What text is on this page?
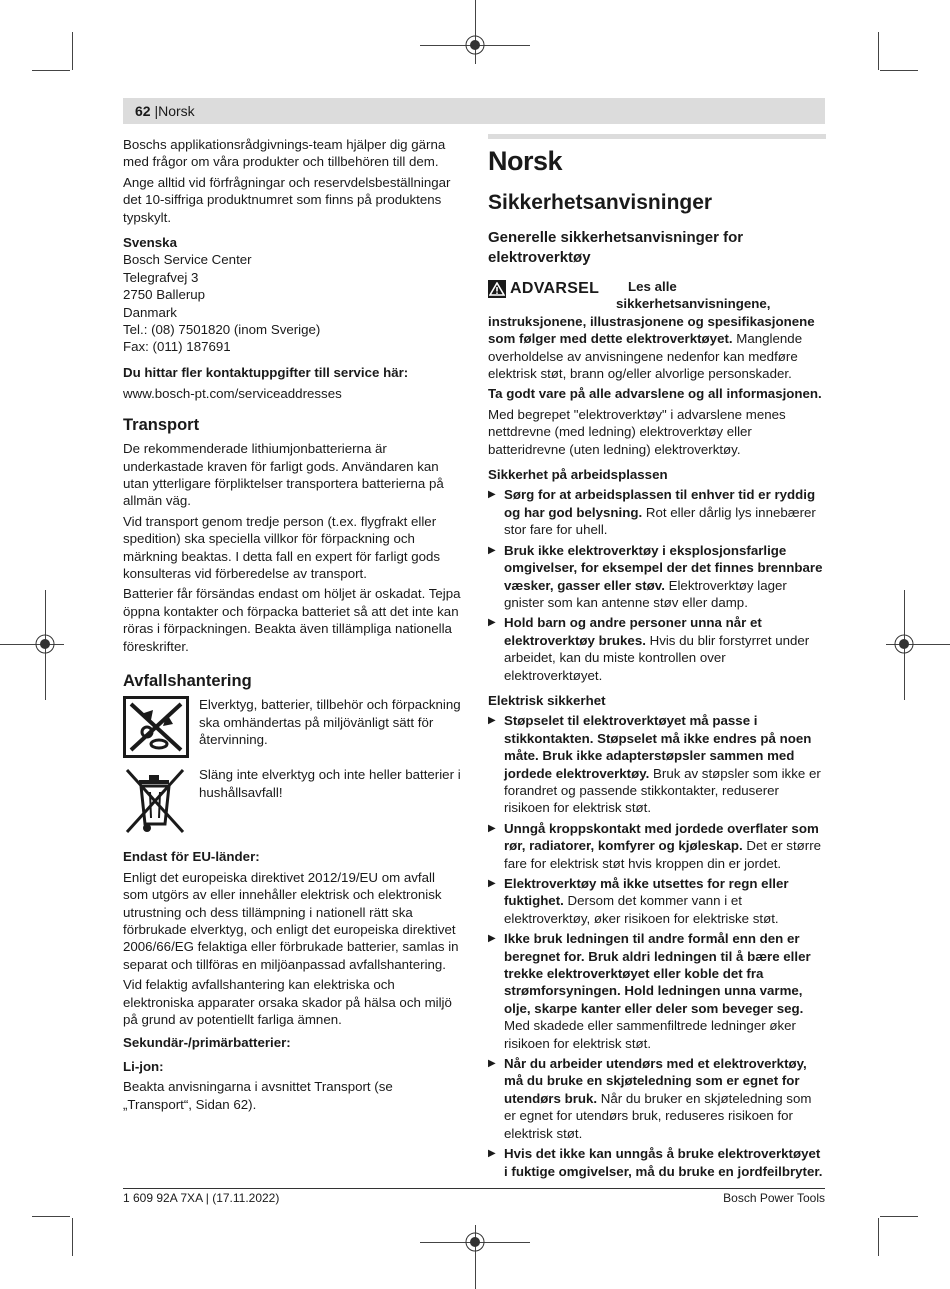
62 |Norsk

Boschs applikationsrådgivnings-team hjälper dig gärna med frågor om våra produkter och tillbehören till dem.

Ange alltid vid förfrågningar och reservdelsbeställningar det 10-siffriga produktnumret som finns på produktens typskylt.

Svenska

Bosch Service Center
Telegrafvej 3
2750 Ballerup
Danmark
Tel.: (08) 7501820 (inom Sverige)
Fax: (011) 187691

Du hittar fler kontaktuppgifter till service här:

www.bosch-pt.com/serviceaddresses

Transport

De rekommenderade lithiumjonbatterierna är underkastade kraven för farligt gods. Användaren kan utan ytterligare förpliktelser transportera batterierna på allmän väg.

Vid transport genom tredje person (t.ex. flygfrakt eller spedition) ska speciella villkor för förpackning och märkning beaktas. I detta fall en expert för farligt gods konsulteras vid förberedelse av transport.

Batterier får försändas endast om höljet är oskadat. Tejpa öppna kontakter och förpacka batteriet så att det inte kan röras i förpackningen. Beakta även tillämpliga nationella föreskrifter.

Avfallshantering
Elverktyg, batterier, tillbehör och förpackning ska omhändertas på miljövänligt sätt för återvinning.
Släng inte elverktyg och inte heller batterier i hushållsavfall!
Endast för EU-länder:

Enligt det europeiska direktivet 2012/19/EU om avfall som utgörs av eller innehåller elektrisk och elektronisk utrustning och dess tillämpning i nationell rätt ska förbrukade elverktyg, och enligt det europeiska direktivet 2006/66/EG felaktiga eller förbrukade batterier, samlas in separat och tillföras en miljöanpassad avfallshantering.

Vid felaktig avfallshantering kan elektriska och elektroniska apparater orsaka skador på hälsa och miljö på grund av potentiellt farliga ämnen.

Sekundär-/primärbatterier:
Li-jon:

Beakta anvisningarna i avsnittet Transport (se „Transport“, Sidan 62).

Norsk
Sikkerhetsanvisninger
Generelle sikkerhetsanvisninger for elektroverktøy
ADVARSEL	Les alle sikkerhetsanvisningene, instruksjonene, illustrasjonene og spesifikasjonene som følger med dette elektroverktøyet. Manglende overholdelse av anvisningene nedenfor kan medføre elektrisk støt, brann og/eller alvorlige personskader.

Ta godt vare på alle advarslene og all informasjonen.

Med begrepet "elektroverktøy" i advarslene menes nettdrevne (med ledning) elektroverktøy eller batteridrevne (uten ledning) elektroverktøy.

Sikkerhet på arbeidsplassen
▶ Sørg for at arbeidsplassen til enhver tid er ryddig og har god belysning. Rot eller dårlig lys innebærer stor fare for uhell.
▶ Bruk ikke elektroverktøy i eksplosjonsfarlige omgivelser, for eksempel der det finnes brennbare væsker, gasser eller støv. Elektroverktøy lager gnister som kan antenne støv eller damp.
▶ Hold barn og andre personer unna når et elektroverktøy brukes. Hvis du blir forstyrret under arbeidet, kan du miste kontrollen over elektroverktøyet.
Elektrisk sikkerhet
▶ Støpselet til elektroverktøyet må passe i stikkontakten. Støpselet må ikke endres på noen måte. Bruk ikke adapterstøpsler sammen med jordede elektroverktøy. Bruk av støpsler som ikke er forandret og passende stikkontakter, reduserer risikoen for elektrisk støt.
▶ Unngå kroppskontakt med jordede overflater som rør, radiatorer, komfyrer og kjøleskap. Det er større fare for elektrisk støt hvis kroppen din er jordet.
▶ Elektroverktøy må ikke utsettes for regn eller fuktighet. Dersom det kommer vann i et elektroverktøy, øker risikoen for elektriske støt.
▶ Ikke bruk ledningen til andre formål enn den er beregnet for. Bruk aldri ledningen til å bære eller trekke elektroverktøyet eller koble det fra strømforsyningen. Hold ledningen unna varme, olje, skarpe kanter eller deler som beveger seg. Med skadede eller sammenfiltrede ledninger øker risikoen for elektrisk støt.
▶ Når du arbeider utendørs med et elektroverktøy, må du bruke en skjøteledning som er egnet for utendørs bruk. Når du bruker en skjøteledning som er egnet for utendørs bruk, reduseres risikoen for elektrisk støt.
▶ Hvis det ikke kan unngås å bruke elektroverktøyet i fuktige omgivelser, må du bruke en jordfeilbryter.
1 609 92A 7XA | (17.11.2022)	Bosch Power Tools
